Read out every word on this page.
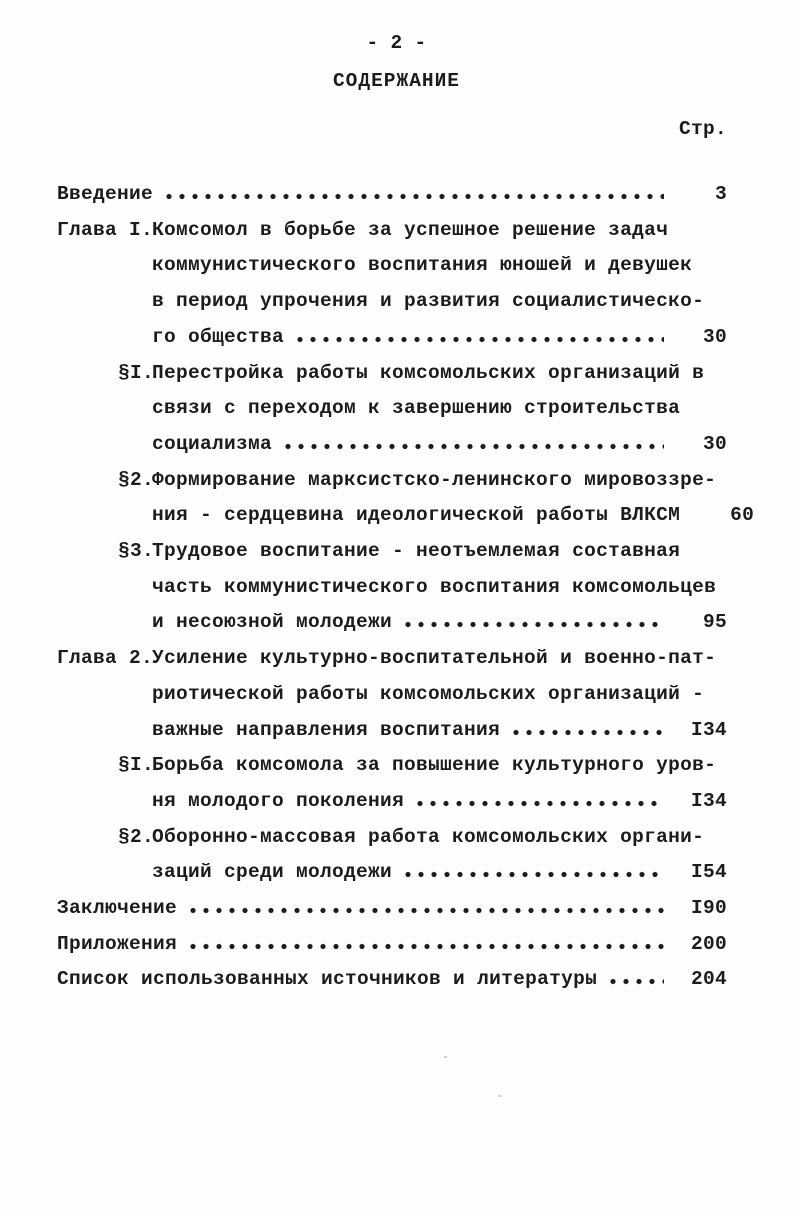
- 2 -
СОДЕРЖАНИЕ
Стр.
Введение	3
Глава I.
Комсомол в борьбе за успешное решение задач
коммунистического воспитания юношей и девушек
в период упрочения и развития социалистическо-
го общества	30
§I.
Перестройка работы комсомольских организаций в
связи с переходом к завершению строительства
социализма	30
§2.
Формирование марксистско-ленинского мировоззре-
ния - сердцевина идеологической работы ВЛКСМ	60
§3.
Трудовое воспитание - неотъемлемая составная
часть коммунистического воспитания комсомольцев
и несоюзной молодежи	95
Глава 2.
Усиление культурно-воспитательной и военно-пат-
риотической работы комсомольских организаций -
важные направления воспитания	I34
§I.
Борьба комсомола за повышение культурного уров-
ня молодого поколения	I34
§2.
Оборонно-массовая работа комсомольских органи-
заций среди молодежи	I54
Заключение	I90
Приложения	200
Список использованных источников и литературы	204
